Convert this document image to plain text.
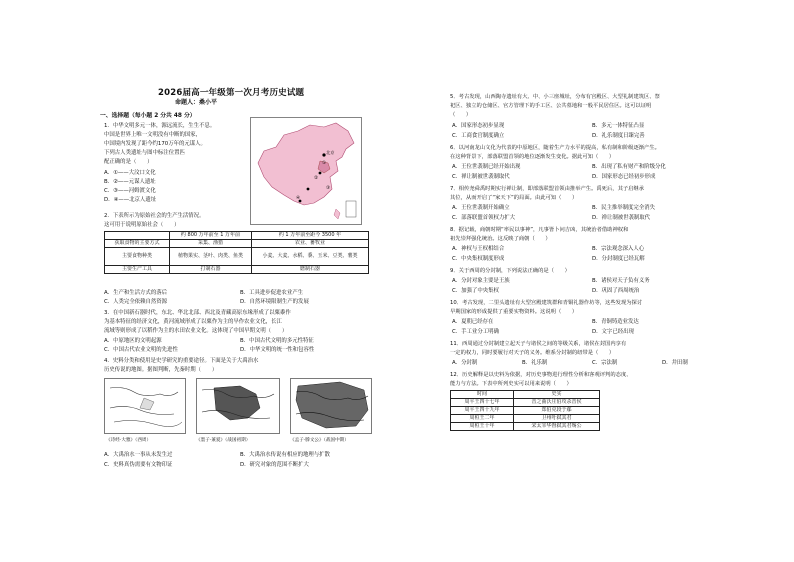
2026届高一年级第一次月考历史试题
命题人：桑小平
一、选择题（每小题 2 分共 48 分）
1．中华文明多元一体，源远流长，生生不息。
中国是世界上唯一文明没有中断的国家，
中国境内发现了距今约170万年的元谋人。
下列古人类遗址与图中标注位置匹
配正确的是（　　）
A．①——大汶口文化
B．②——元谋人遗址
C．③——河姆渡文化
D．④——北京人遗址
北京
①
②
③
④
2．下表所示为原始社会的生产生活情况。
这可用于说明原始社会（　　）
	约 800 万年前至 1 万年前	约 1 万年前至距今 3500 年
获取食物的主要方式	采集、渔猎	农业、畜牧业
主要食物种类	植物果实、茎叶、肉类、鱼类	小麦、大麦、水稻、黍、玉米、豆类、薯类
主要生产工具	打制石器	磨制石器
A．生产和生活方式的落后	B．工具进步促进农业产生
C．人类完全依赖自然资源	D．自然环境限制生产的发展
3．在中国新石器时代，东北、华北北部、西北及青藏高原东缘形成了以粟黍作
为基本特征的经济文化，黄河流域形成了以粟作为主的旱作农业文化，长江
流域等则形成了以稻作为主的水田农业文化。这体现了中国早期文明（　　）
A．中原地区的文明起源	B．中国古代文明的多元性特征
C．中国古代农业文明的先进性	D．中华文明的统一性和包容性
4．史料分类和使用是史学研究的重要途径。下面是关于大禹治水
历史传说的地图。据图判断，先秦时期（　　）
《诗经·大雅》（西周）	《墨子·兼爱》（战国初期）	《孟子·滕文公》（战国中期）
A．大禹治水一事从未发生过	B．大禹治水传说有相应的地理与扩散
C．史料真伪需要有文物印证	D．研究对象的范围不断扩大
5．考古发现，山西陶寺遗址有大、中、小三座城址，分布有宫殿区、大型礼制建筑区、祭
祀区、独立的仓储区、官方管理下的手工区、公共墓地和一般平民居住区。这可以证明
（　　）
A．国家形态初步显现	B．多元一体特征凸显
C．工商食官制度确立	D．礼乐制度日臻完善
6．以河南龙山文化为代表的中原地区，随着生产力水平的提高，私有制和阶级逐渐产生。
在这种背景下，部落联盟首领的地位逐渐发生变化。据此可知（　　）
A．王位世袭制已经开始出现	B．出现了私有财产和阶级分化
C．禅让制被世袭制取代	D．国家形态已经初步形成
7．相传尧舜禹时期实行禅让制，即部落联盟首领由推举产生。禹死后，其子启继承
其位，从而开启了“家天下”的局面。由此可知（　　）
A．王位世袭制开始确立	B．民主推举制度完全消失
C．部落联盟首领权力扩大	D．禅让制被世袭制取代
8．据记载，商朝时期“率民以事神”，凡事皆卜问吉凶，其统治者借助神权和
祖先崇拜强化统治。这反映了商朝（　　）
A．神权与王权相结合	B．宗法观念深入人心
C．中央集权制度形成	D．分封制度已经瓦解
9．关于西周的分封制，下列说法正确的是（　　）
A．分封对象主要是王族	B．诸侯对天子负有义务
C．加强了中央集权	D．巩固了西周统治
10．考古发现，二里头遗址有大型宫殿建筑群和青铜礼器作坊等，这些发现为探讨
早期国家的形成提供了重要实物资料。这说明（　　）
A．夏朝已经存在	B．青铜铸造业发达
C．手工业分工明确	D．文字已经出现
11．西周通过分封制建立起天子与诸侯之间的等级关系，诸侯在封国内享有
一定的权力，同时要履行对天子的义务。维系分封制的纽带是（　　）
A．分封制	B．礼乐制	C．宗法制	D．井田制
12．历史解释是以史料为依据，对历史事物进行理性分析和客观评判的态度、
能力与方法。下表中所列史实可以用来说明（　　）
时间	史实
周平王四十七年	晋之曲沃庄伯攻杀晋侯
周平王四十九年	郑伯克段于鄢
周桓王二年	卫州吁弑其君
周桓王十年	宋太宰华督弑其君殇公
